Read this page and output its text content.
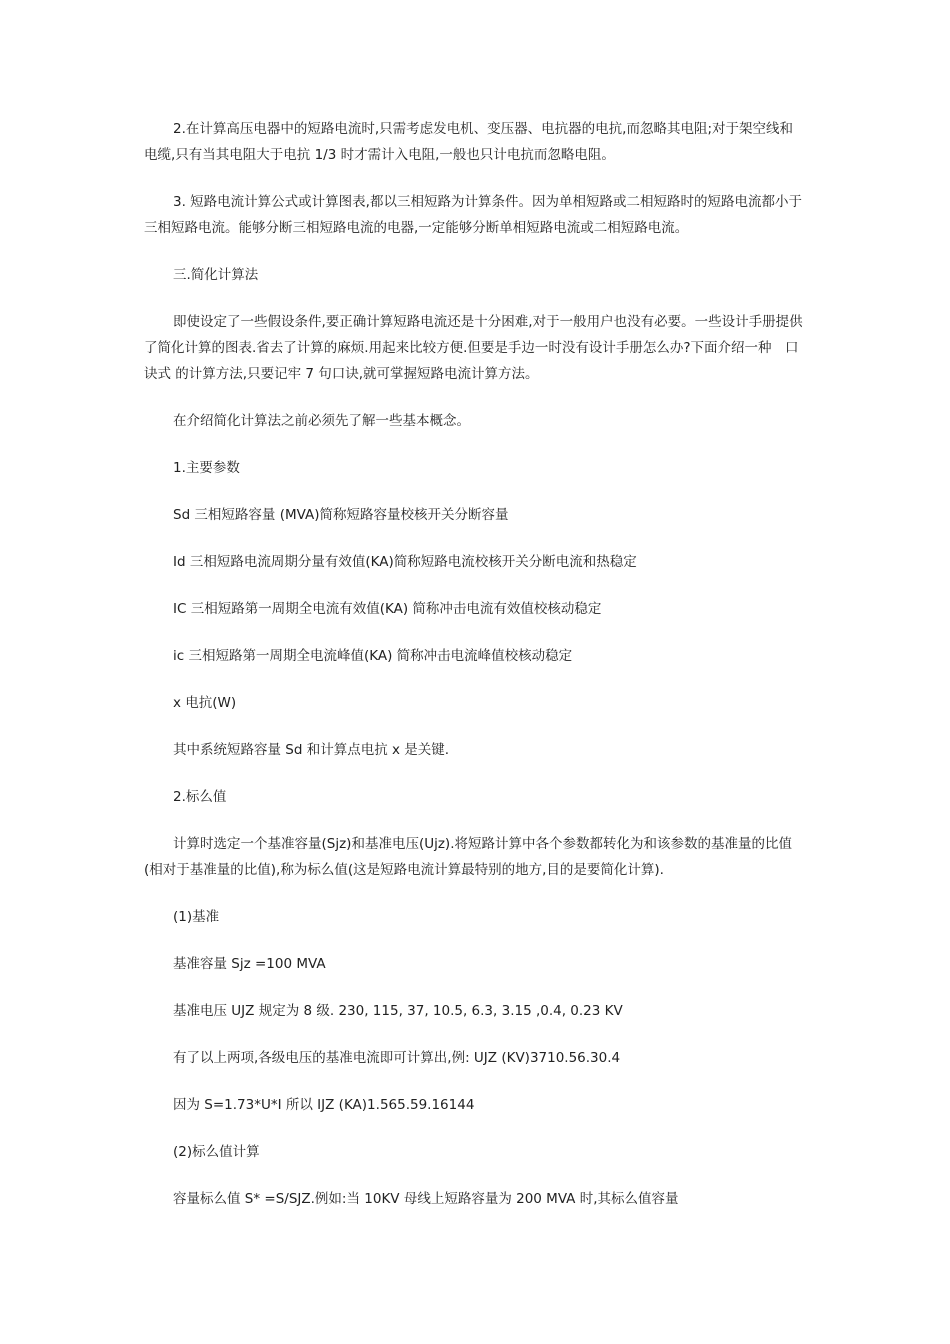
2.在计算高压电器中的短路电流时,只需考虑发电机、变压器、电抗器的电抗,而忽略其电阻;对于架空线和电缆,只有当其电阻大于电抗 1/3 时才需计入电阻,一般也只计电抗而忽略电阻。

3. 短路电流计算公式或计算图表,都以三相短路为计算条件。因为单相短路或二相短路时的短路电流都小于三相短路电流。能够分断三相短路电流的电器,一定能够分断单相短路电流或二相短路电流。

三.简化计算法

即使设定了一些假设条件,要正确计算短路电流还是十分困难,对于一般用户也没有必要。一些设计手册提供了简化计算的图表.省去了计算的麻烦.用起来比较方便.但要是手边一时没有设计手册怎么办?下面介绍一种　口诀式 的计算方法,只要记牢 7 句口诀,就可掌握短路电流计算方法。

在介绍简化计算法之前必须先了解一些基本概念。

1.主要参数

Sd 三相短路容量 (MVA)简称短路容量校核开关分断容量

Id 三相短路电流周期分量有效值(KA)简称短路电流校核开关分断电流和热稳定

IC 三相短路第一周期全电流有效值(KA) 简称冲击电流有效值校核动稳定

ic 三相短路第一周期全电流峰值(KA) 简称冲击电流峰值校核动稳定

x 电抗(W)

其中系统短路容量 Sd 和计算点电抗 x 是关键.

2.标么值

计算时选定一个基准容量(Sjz)和基准电压(Ujz).将短路计算中各个参数都转化为和该参数的基准量的比值(相对于基准量的比值),称为标么值(这是短路电流计算最特别的地方,目的是要简化计算).

(1)基准

基准容量 Sjz =100 MVA

基准电压 UJZ 规定为 8 级. 230, 115, 37, 10.5, 6.3, 3.15 ,0.4, 0.23 KV

有了以上两项,各级电压的基准电流即可计算出,例: UJZ (KV)3710.56.30.4

因为 S=1.73*U*I 所以 IJZ (KA)1.565.59.16144

(2)标么值计算

容量标么值 S* =S/SJZ.例如:当 10KV 母线上短路容量为 200 MVA 时,其标么值容量
